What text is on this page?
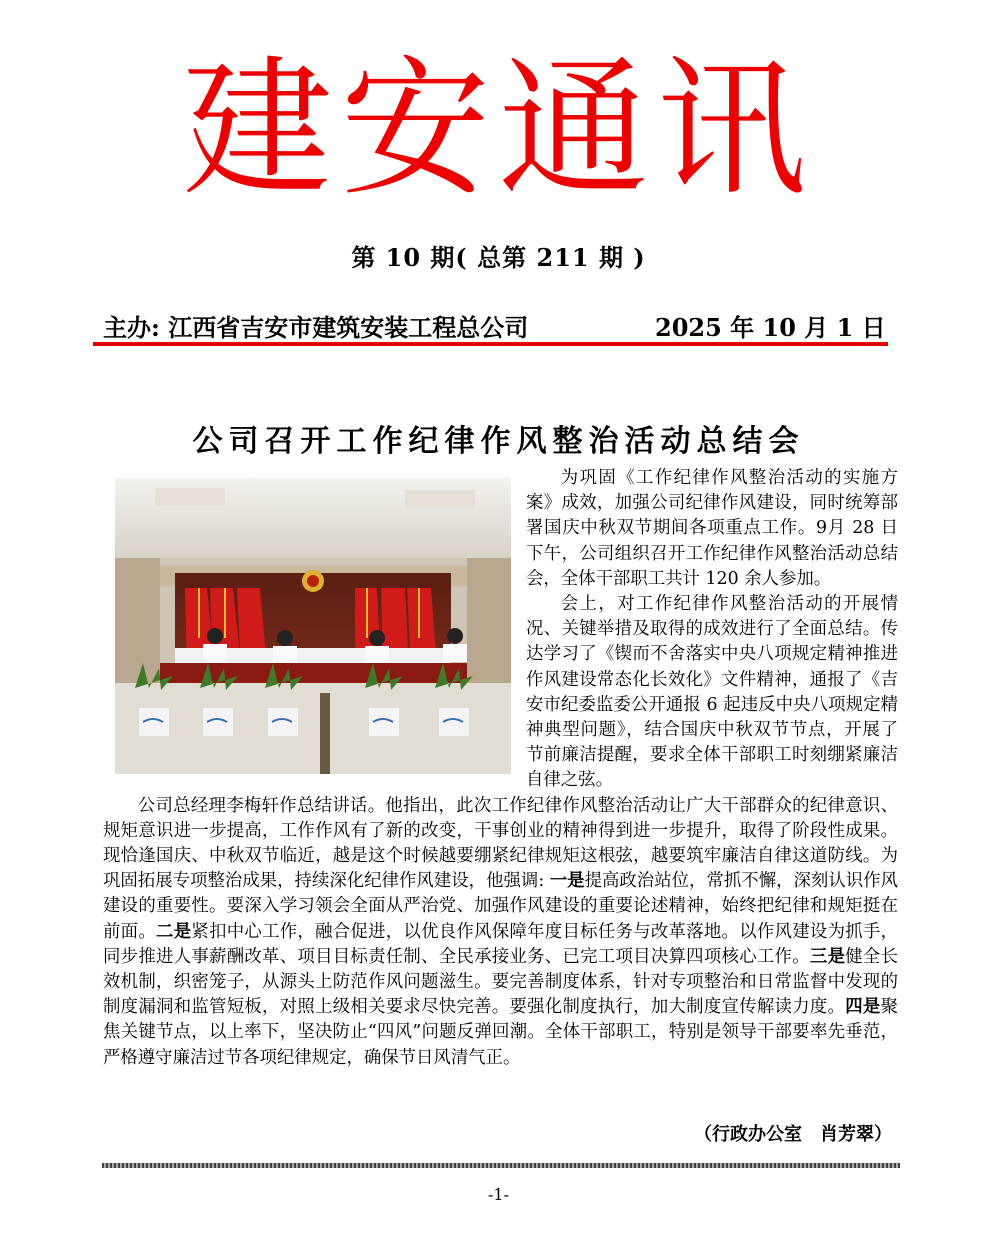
建安通讯
第 10 期( 总第 211 期 )
主办: 江西省吉安市建筑安装工程总公司	2025 年 10 月 1 日
公司召开工作纪律作风整治活动总结会

为巩固《工作纪律作风整治活动的实施方案》成效，加强公司纪律作风建设，同时统筹部署国庆中秋双节期间各项重点工作。9月 28 日下午，公司组织召开工作纪律作风整治活动总结会，全体干部职工共计 120 余人参加。

会上，对工作纪律作风整治活动的开展情况、关键举措及取得的成效进行了全面总结。传达学习了《锲而不舍落实中央八项规定精神推进作风建设常态化长效化》文件精神，通报了《吉安市纪委监委公开通报 6 起违反中央八项规定精神典型问题》，结合国庆中秋双节节点，开展了节前廉洁提醒，要求全体干部职工时刻绷紧廉洁自律之弦。

公司总经理李梅轩作总结讲话。他指出，此次工作纪律作风整治活动让广大干部群众的纪律意识、规矩意识进一步提高，工作作风有了新的改变，干事创业的精神得到进一步提升，取得了阶段性成果。现恰逢国庆、中秋双节临近，越是这个时候越要绷紧纪律规矩这根弦，越要筑牢廉洁自律这道防线。为巩固拓展专项整治成果，持续深化纪律作风建设，他强调: 一是提高政治站位，常抓不懈，深刻认识作风建设的重要性。要深入学习领会全面从严治党、加强作风建设的重要论述精神，始终把纪律和规矩挺在前面。二是紧扣中心工作，融合促进，以优良作风保障年度目标任务与改革落地。以作风建设为抓手，同步推进人事薪酬改革、项目目标责任制、全民承接业务、已完工项目决算四项核心工作。三是健全长效机制，织密笼子，从源头上防范作风问题滋生。要完善制度体系，针对专项整治和日常监督中发现的制度漏洞和监管短板，对照上级相关要求尽快完善。要强化制度执行，加大制度宣传解读力度。四是聚焦关键节点，以上率下，坚决防止“四风”问题反弹回潮。全体干部职工，特别是领导干部要率先垂范，严格遵守廉洁过节各项纪律规定，确保节日风清气正。

（行政办公室　肖芳翠）
-1-
